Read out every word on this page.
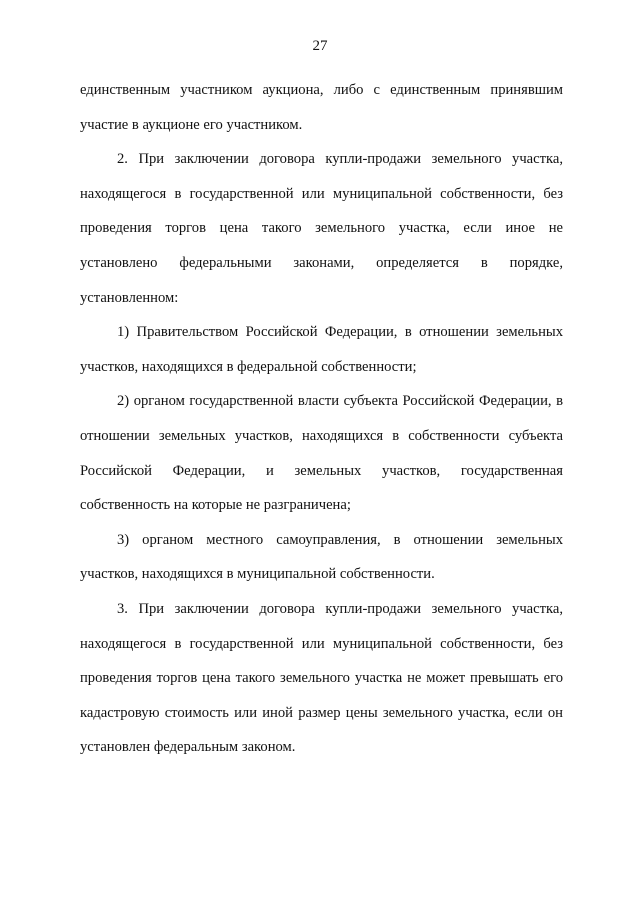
27

единственным участником аукциона, либо с единственным принявшим участие в аукционе его участником.

2. При заключении договора купли-продажи земельного участка, находящегося в государственной или муниципальной собственности, без проведения торгов цена такого земельного участка, если иное не установлено федеральными законами, определяется в порядке, установленном:

1) Правительством Российской Федерации, в отношении земельных участков, находящихся в федеральной собственности;

2) органом государственной власти субъекта Российской Федерации, в отношении земельных участков, находящихся в собственности субъекта Российской Федерации, и земельных участков, государственная собственность на которые не разграничена;

3) органом местного самоуправления, в отношении земельных участков, находящихся в муниципальной собственности.

3. При заключении договора купли-продажи земельного участка, находящегося в государственной или муниципальной собственности, без проведения торгов цена такого земельного участка не может превышать его кадастровую стоимость или иной размер цены земельного участка, если он установлен федеральным законом.
